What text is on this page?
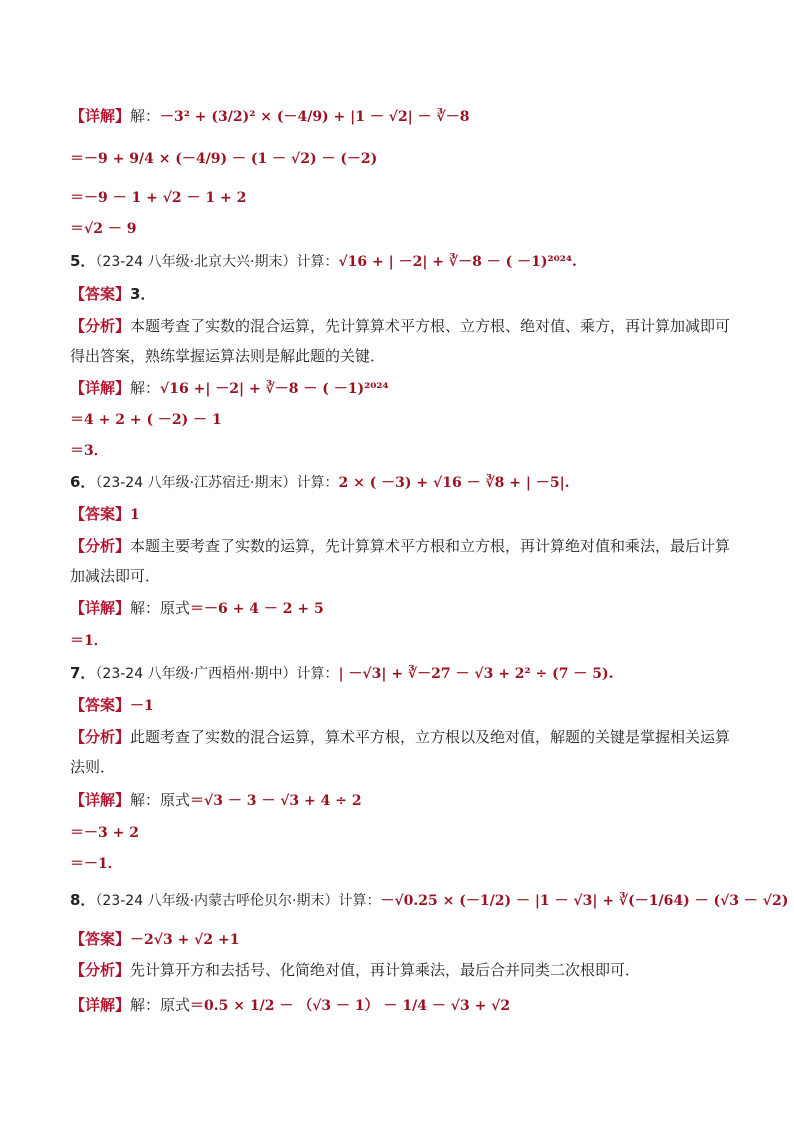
【详解】解：－3² + (3/2)² × (－4/9) + |1 － √2| － ∛－8
＝－9 + 9/4 × (－4/9) － (1 － √2) － (－2)
＝－9 － 1 + √2 － 1 + 2
＝√2 － 9
5．（23-24 八年级·北京大兴·期末）计算：√16 + | －2| + ∛－8 － ( －1)²⁰²⁴.
【答案】3．
【分析】本题考查了实数的混合运算，先计算算术平方根、立方根、绝对值、乘方，再计算加减即可得出答案，熟练掌握运算法则是解此题的关键．
【详解】解：√16 +| －2| + ∛－8 － ( －1)²⁰²⁴
＝4 + 2 + ( －2) － 1
＝3．
6．（23-24 八年级·江苏宿迁·期末）计算：2 × ( －3) + √16 － ∛8 + | －5|.
【答案】1
【分析】本题主要考查了实数的运算，先计算算术平方根和立方根，再计算绝对值和乘法，最后计算加减法即可．
【详解】解：原式＝－6 + 4 － 2 + 5
＝1．
7．（23-24 八年级·广西梧州·期中）计算：| －√3| + ∛－27 － √3 + 2² ÷ (7 － 5).
【答案】－1
【分析】此题考查了实数的混合运算，算术平方根，立方根以及绝对值，解题的关键是掌握相关运算法则．
【详解】解：原式＝√3 － 3 － √3 + 4 ÷ 2
＝－3 + 2
＝－1．
8．（23-24 八年级·内蒙古呼伦贝尔·期末）计算：－√0.25 × (－1/2) － |1 － √3| + ∛(－1/64) － (√3 － √2)
【答案】－2√3 + √2 +1
【分析】先计算开方和去括号、化简绝对值，再计算乘法，最后合并同类二次根即可．
【详解】解：原式＝0.5 × 1/2 － （√3 － 1） － 1/4 － √3 + √2
